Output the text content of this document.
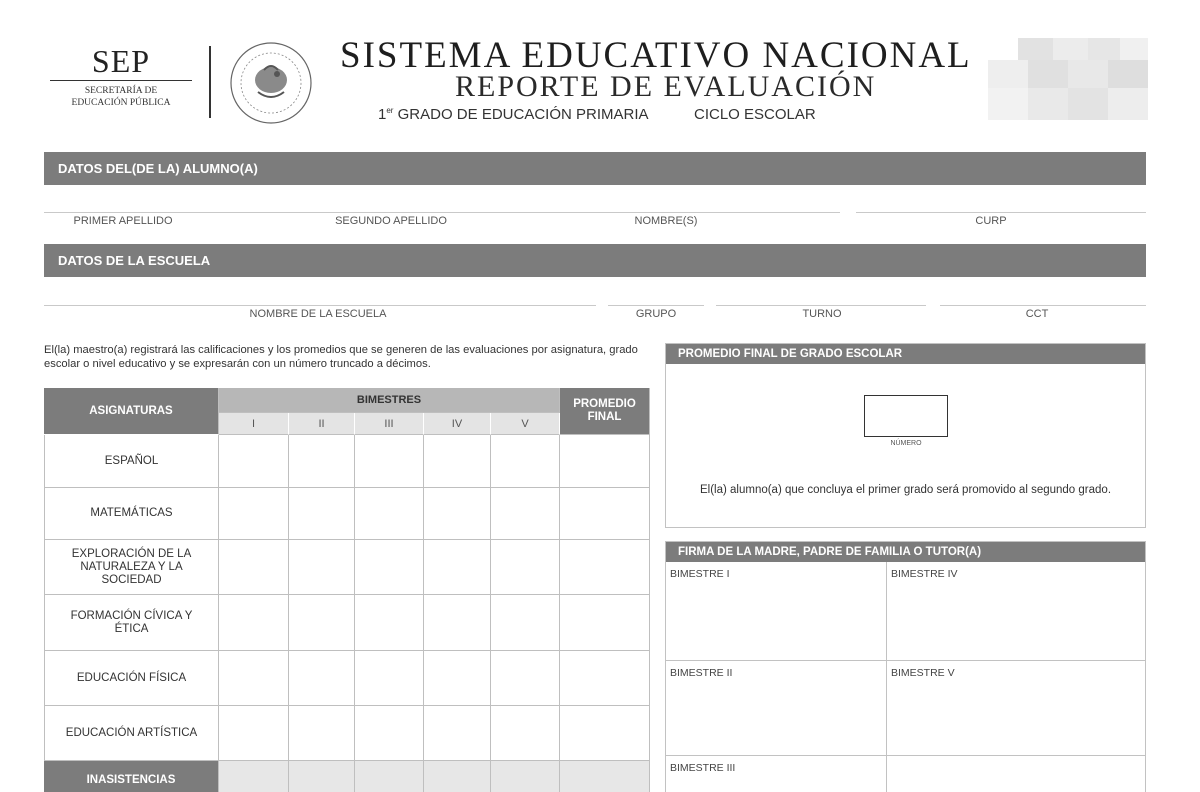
SEP
SECRETARÍA DE
EDUCACIÓN PÚBLICA
SISTEMA EDUCATIVO NACIONAL
REPORTE DE EVALUACIÓN
1er GRADO DE EDUCACIÓN PRIMARIA	CICLO ESCOLAR
DATOS DEL(DE LA) ALUMNO(A)
PRIMER APELLIDO	SEGUNDO APELLIDO	NOMBRE(S)	CURP
DATOS DE LA ESCUELA
NOMBRE DE LA ESCUELA	GRUPO	TURNO	CCT
El(la) maestro(a) registrará las calificaciones y los promedios que se generen de las evaluaciones por asignatura, grado escolar o nivel educativo y se expresarán con un número truncado a décimos.
ASIGNATURAS
BIMESTRES
I	II	III	IV	V
PROMEDIO
FINAL
ESPAÑOL
MATEMÁTICAS
EXPLORACIÓN DE LA NATURALEZA Y LA SOCIEDAD
FORMACIÓN CÍVICA Y ÉTICA
EDUCACIÓN FÍSICA
EDUCACIÓN ARTÍSTICA
INASISTENCIAS
PROMEDIO FINAL DE GRADO ESCOLAR
NÚMERO
El(la) alumno(a) que concluya el primer grado será promovido al segundo grado.
FIRMA DE LA MADRE, PADRE DE FAMILIA O TUTOR(A)
BIMESTRE I	BIMESTRE IV
BIMESTRE II	BIMESTRE V
BIMESTRE III
